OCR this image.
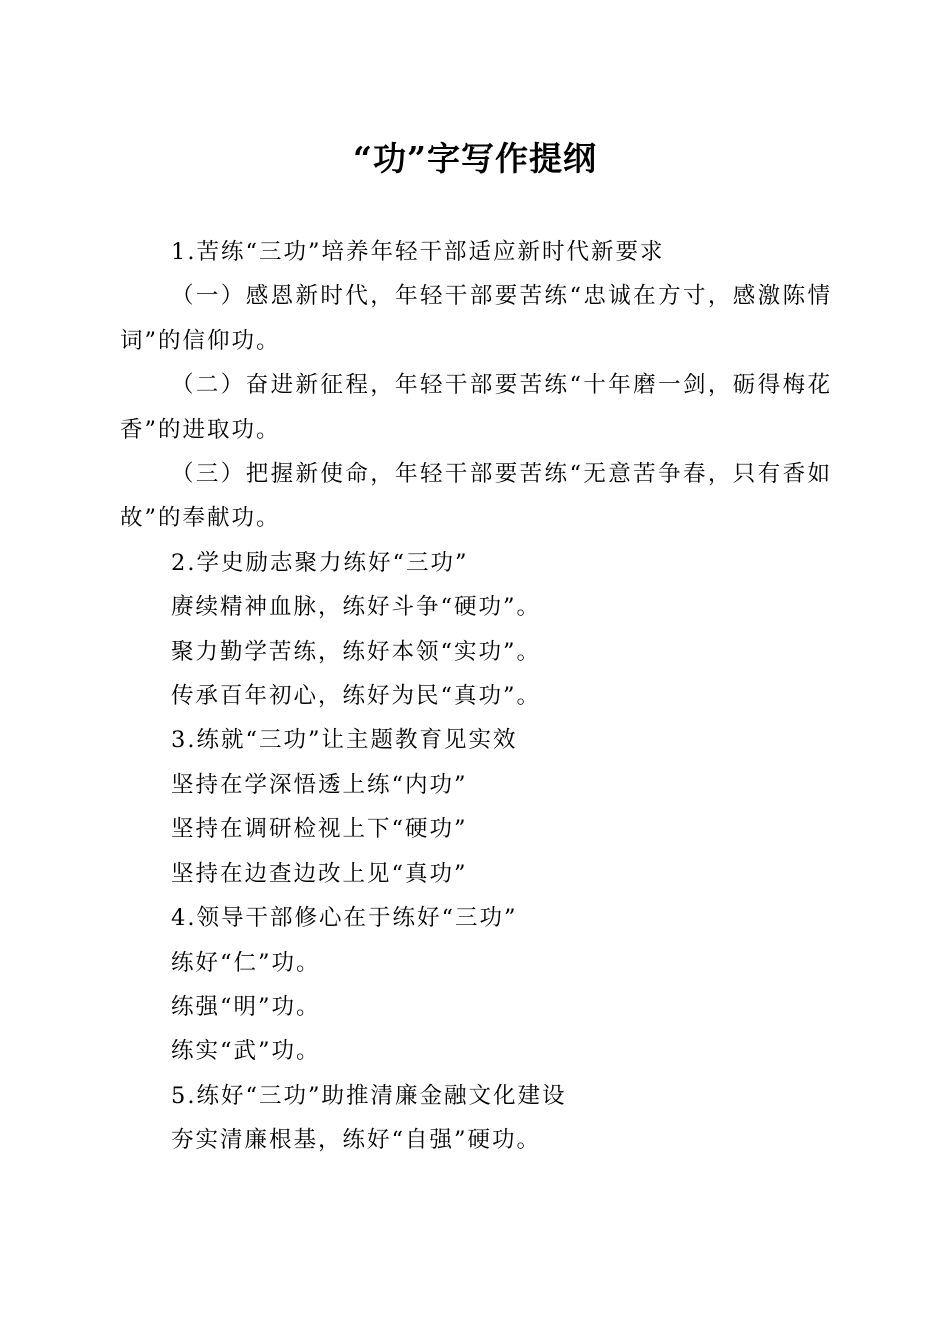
“功”字写作提纲

1.苦练“三功”培养年轻干部适应新时代新要求

（一）感恩新时代，年轻干部要苦练“忠诚在方寸，感激陈情词”的信仰功。

（二）奋进新征程，年轻干部要苦练“十年磨一剑，砺得梅花香”的进取功。

（三）把握新使命，年轻干部要苦练“无意苦争春，只有香如故”的奉献功。

2.学史励志聚力练好“三功”

赓续精神血脉，练好斗争“硬功”。

聚力勤学苦练，练好本领“实功”。

传承百年初心，练好为民“真功”。

3.练就“三功”让主题教育见实效

坚持在学深悟透上练“内功”

坚持在调研检视上下“硬功”

坚持在边查边改上见“真功”

4.领导干部修心在于练好“三功”

练好“仁”功。

练强“明”功。

练实“武”功。

5.练好“三功”助推清廉金融文化建设

夯实清廉根基，练好“自强”硬功。
